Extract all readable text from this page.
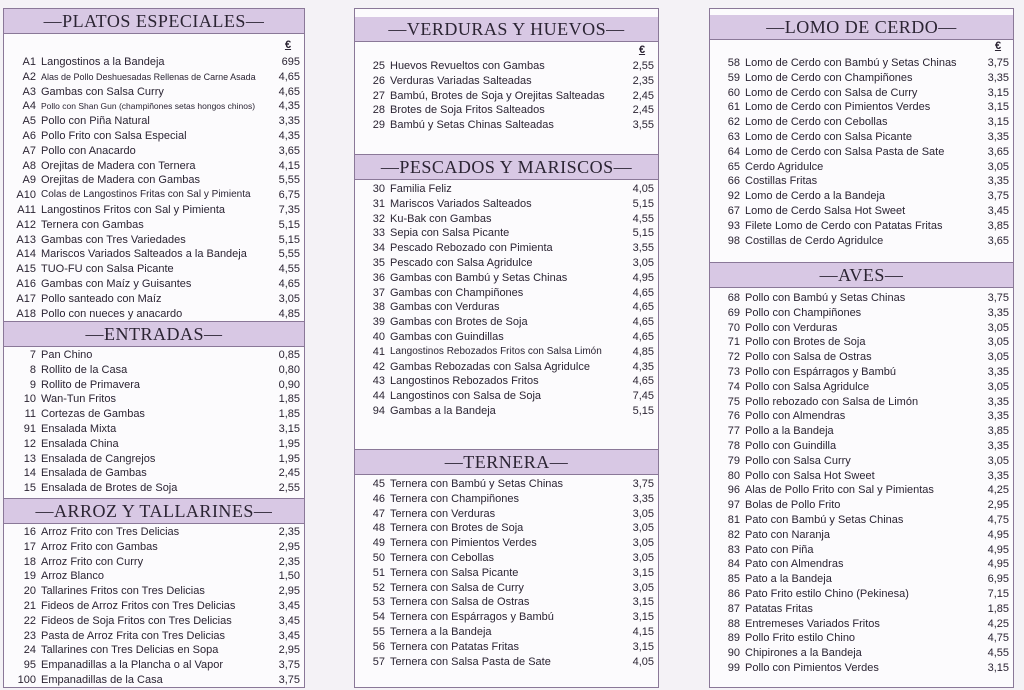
—PLATOS ESPECIALES—
€
A1 Langostinos a la Bandeja	695
A2 Alas de Pollo Deshuesadas Rellenas de Carne Asada 4,65
A3 Gambas con Salsa Curry	4,65
A4 Pollo con Shan Gun (champiñones setas hongos chinos) 4,35
A5 Pollo con Piña Natural	3,35
A6 Pollo Frito con Salsa Especial	4,35
A7 Pollo con Anacardo	3,65
A8 Orejitas de Madera con Ternera	4,15
A9 Orejitas de Madera con Gambas	5,55
A10 Colas de Langostinos Fritas con Sal y Pimienta	6,75
A11 Langostinos Fritos con Sal y Pimienta	7,35
A12 Ternera con Gambas	5,15
A13 Gambas con Tres Variedades	5,15
A14 Mariscos Variados Salteados a la Bandeja	5,55
A15 TUO-FU con Salsa Picante	4,55
A16 Gambas con Maíz y Guisantes	4,65
A17 Pollo santeado con Maíz	3,05
A18 Pollo con nueces y anacardo	4,85
—ENTRADAS—
7 Pan Chino	0,85
8 Rollito de la Casa	0,80
9 Rollito de Primavera	0,90
10 Wan-Tun Fritos	1,85
11 Cortezas de Gambas	1,85
91 Ensalada Mixta	3,15
12 Ensalada China	1,95
13 Ensalada de Cangrejos	1,95
14 Ensalada de Gambas	2,45
15 Ensalada de Brotes de Soja	2,55
—ARROZ Y TALLARINES—
16 Arroz Frito con Tres Delicias	2,35
17 Arroz Frito con Gambas	2,95
18 Arroz Frito con Curry	2,35
19 Arroz Blanco	1,50
20 Tallarines Fritos con Tres Delicias	2,95
21 Fideos de Arroz Fritos con Tres Delicias	3,45
22 Fideos de Soja Fritos con Tres Delicias	3,45
23 Pasta de Arroz Frita con Tres Delicias	3,45
24 Tallarines con Tres Delicias en Sopa	2,95
95 Empanadillas a la Plancha o al Vapor	3,75
100 Empanadillas de la Casa	3,75
—VERDURAS Y HUEVOS—
€
25 Huevos Revueltos con Gambas	2,55
26 Verduras Variadas Salteadas	2,35
27 Bambú, Brotes de Soja y Orejitas Salteadas	2,45
28 Brotes de Soja Fritos Salteados	2,45
29 Bambú y Setas Chinas Salteadas	3,55
—PESCADOS Y MARISCOS—
30 Familia Feliz	4,05
31 Mariscos Variados Salteados	5,15
32 Ku-Bak con Gambas	4,55
33 Sepia con Salsa Picante	5,15
34 Pescado Rebozado con Pimienta	3,55
35 Pescado con Salsa Agridulce	3,05
36 Gambas con Bambú y Setas Chinas	4,95
37 Gambas con Champiñones	4,65
38 Gambas con Verduras	4,65
39 Gambas con Brotes de Soja	4,65
40 Gambas con Guindillas	4,65
41 Langostinos Rebozados Fritos con Salsa Limón	4,85
42 Gambas Rebozadas con Salsa Agridulce	4,35
43 Langostinos Rebozados Fritos	4,65
44 Langostinos con Salsa de Soja	7,45
94 Gambas a la Bandeja	5,15
—TERNERA—
45 Ternera con Bambú y Setas Chinas	3,75
46 Ternera con Champiñones	3,35
47 Ternera con Verduras	3,05
48 Ternera con Brotes de Soja	3,05
49 Ternera con Pimientos Verdes	3,05
50 Ternera con Cebollas	3,05
51 Ternera con Salsa Picante	3,15
52 Ternera con Salsa de Curry	3,05
53 Ternera con Salsa de Ostras	3,15
54 Ternera con Espárragos y Bambú	3,15
55 Ternera a la Bandeja	4,15
56 Ternera con Patatas Fritas	3,15
57 Ternera con Salsa Pasta de Sate	4,05
—LOMO DE CERDO—
€
58 Lomo de Cerdo con Bambú y Setas Chinas	3,75
59 Lomo de Cerdo con Champiñones	3,35
60 Lomo de Cerdo con Salsa de Curry	3,15
61 Lomo de Cerdo con Pimientos Verdes	3,15
62 Lomo de Cerdo con Cebollas	3,15
63 Lomo de Cerdo con Salsa Picante	3,35
64 Lomo de Cerdo con Salsa Pasta de Sate	3,65
65 Cerdo Agridulce	3,05
66 Costillas Fritas	3,35
92 Lomo de Cerdo a la Bandeja	3,75
67 Lomo de Cerdo Salsa Hot Sweet	3,45
93 Filete Lomo de Cerdo con Patatas Fritas	3,85
98 Costillas de Cerdo Agridulce	3,65
—AVES—
68 Pollo con Bambú y Setas Chinas	3,75
69 Pollo con Champiñones	3,35
70 Pollo con Verduras	3,05
71 Pollo con Brotes de Soja	3,05
72 Pollo con Salsa de Ostras	3,05
73 Pollo con Espárragos y Bambú	3,35
74 Pollo con Salsa Agridulce	3,05
75 Pollo rebozado con Salsa de Limón	3,35
76 Pollo con Almendras	3,35
77 Pollo a la Bandeja	3,85
78 Pollo con Guindilla	3,35
79 Pollo con Salsa Curry	3,05
80 Pollo con Salsa Hot Sweet	3,35
96 Alas de Pollo Frito con Sal y Pimientas	4,25
97 Bolas de Pollo Frito	2,95
81 Pato con Bambú y Setas Chinas	4,75
82 Pato con Naranja	4,95
83 Pato con Piña	4,95
84 Pato con Almendras	4,95
85 Pato a la Bandeja	6,95
86 Pato Frito estilo Chino (Pekinesa)	7,15
87 Patatas Fritas	1,85
88 Entremeses Variados Fritos	4,25
89 Pollo Frito estilo Chino	4,75
90 Chipirones a la Bandeja	4,55
99 Pollo con Pimientos Verdes	3,15
